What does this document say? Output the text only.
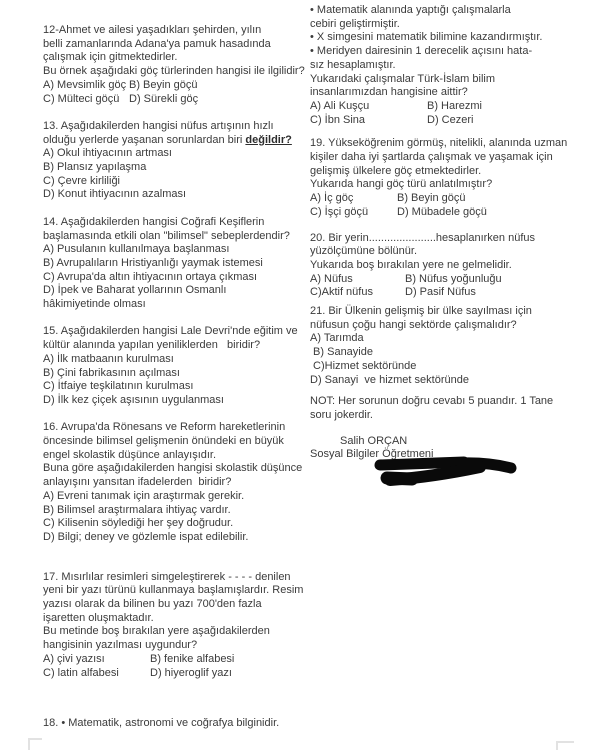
12-Ahmet ve ailesi yaşadıkları şehirden, yılın
belli zamanlarında Adana'ya pamuk hasadında
çalışmak için gitmektedirler.
Bu örnek aşağıdaki göç türlerinden hangisi ile ilgilidir?
A) Mevsimlik göç B) Beyin göçü
C) Mülteci göçü D) Sürekli göç
13. Aşağıdakilerden hangisi nüfus artışının hızlı
olduğu yerlerde yaşanan sorunlardan biri değildir?
A) Okul ihtiyacının artması
B) Plansız yapılaşma
C) Çevre kirliliği
D) Konut ihtiyacının azalması
14. Aşağıdakilerden hangisi Coğrafi Keşiflerin
başlamasında etkili olan "bilimsel" sebeplerdendir?
A) Pusulanın kullanılmaya başlanması
B) Avrupalıların Hristiyanlığı yaymak istemesi
C) Avrupa'da altın ihtiyacının ortaya çıkması
D) İpek ve Baharat yollarının Osmanlı
hâkimiyetinde olması
15. Aşağıdakilerden hangisi Lale Devri'nde eğitim ve
kültür alanında yapılan yeniliklerden   biridir?
A) İlk matbaanın kurulması
B) Çini fabrikasının açılması
C) İtfaiye teşkilatının kurulması
D) İlk kez çiçek aşısının uygulanması
16. Avrupa'da Rönesans ve Reform hareketlerinin
öncesinde bilimsel gelişmenin önündeki en büyük
engel skolastik düşünce anlayışıdır.
Buna göre aşağıdakilerden hangisi skolastik düşünce
anlayışını yansıtan ifadelerden  biridir?
A) Evreni tanımak için araştırmak gerekir.
B) Bilimsel araştırmalara ihtiyaç vardır.
C) Kilisenin söylediği her şey doğrudur.
D) Bilgi; deney ve gözlemle ispat edilebilir.
17. Mısırlılar resimleri simgeleştirerek - - - - denilen
yeni bir yazı türünü kullanmaya başlamışlardır. Resim
yazısı olarak da bilinen bu yazı 700'den fazla
işaretten oluşmaktadır.
Bu metinde boş bırakılan yere aşağıdakilerden
hangisinin yazılması uygundur?
A) çivi yazısı	B) fenike alfabesi
C) latin alfabesi	D) hiyeroglif yazı
18. • Matematik, astronomi ve coğrafya bilginidir.
• Matematik alanında yaptığı çalışmalarla
cebiri geliştirmiştir.
• X simgesini matematik bilimine kazandırmıştır.
• Meridyen dairesinin 1 derecelik açısını hata-
sız hesaplamıştır.
Yukarıdaki çalışmalar Türk-İslam bilim
insanlarımızdan hangisine aittir?
A) Ali Kuşçu	B) Harezmi
C) İbn Sina	D) Cezeri
19. Yükseköğrenim görmüş, nitelikli, alanında uzman
kişiler daha iyi şartlarda çalışmak ve yaşamak için
gelişmiş ülkelere göç etmektedirler.
Yukarıda hangi göç türü anlatılmıştır?
A) İç göç	B) Beyin göçü
C) İşçi göçü	D) Mübadele göçü
20. Bir yerin......................hesaplanırken nüfus
yüzölçümüne bölünür.
Yukarıda boş bırakılan yere ne gelmelidir.
A) Nüfus	B) Nüfus yoğunluğu
C)Aktif nüfus	D) Pasif Nüfus
21. Bir Ülkenin gelişmiş bir ülke sayılması için
nüfusun çoğu hangi sektörde çalışmalıdır?
A) Tarımda
B) Sanayide
C)Hizmet sektöründe
D) Sanayi  ve hizmet sektöründe
NOT: Her sorunun doğru cevabı 5 puandır. 1 Tane
soru jokerdir.
Salih ORÇAN
Sosyal Bilgiler Öğretmeni
